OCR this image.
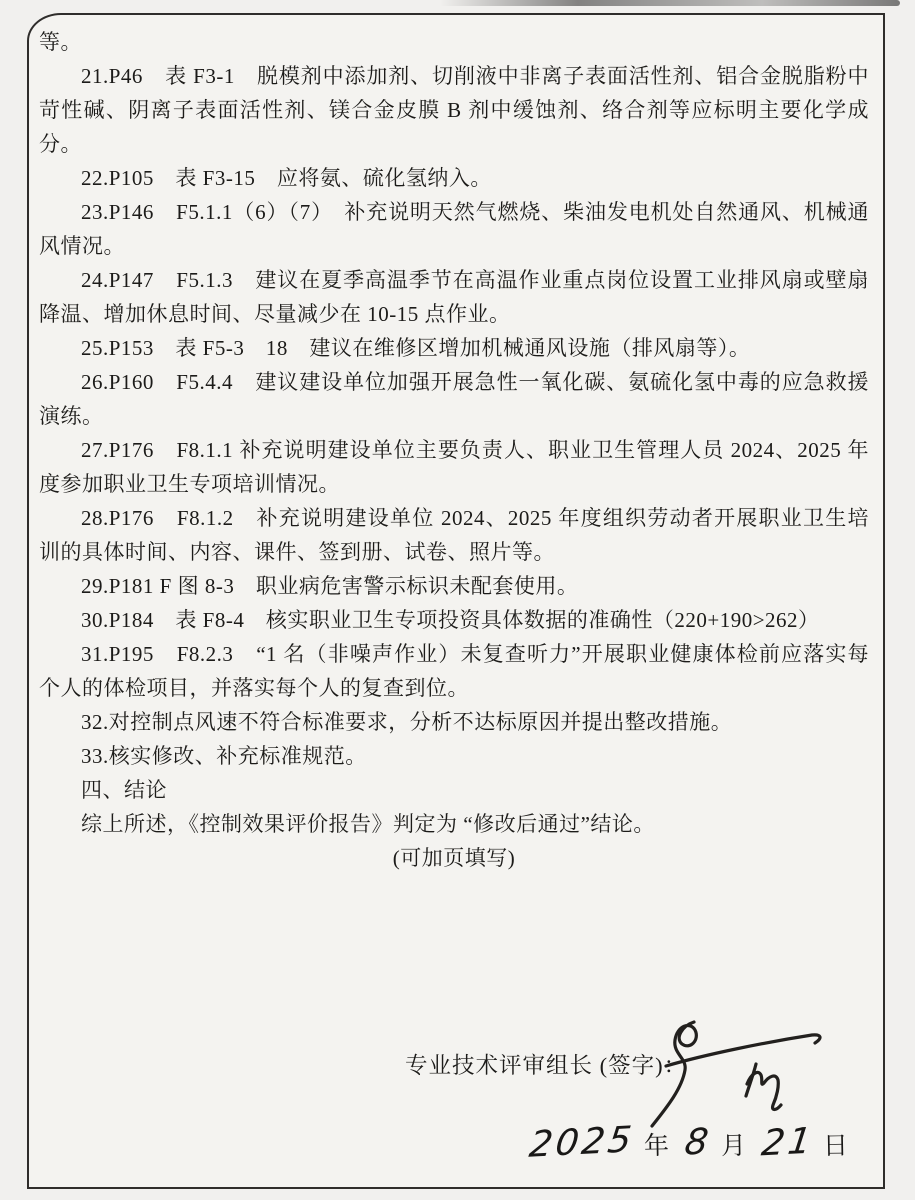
等。

21.P46　表 F3-1　脱模剂中添加剂、切削液中非离子表面活性剂、铝合金脱脂粉中苛性碱、阴离子表面活性剂、镁合金皮膜 B 剂中缓蚀剂、络合剂等应标明主要化学成分。

22.P105　表 F3-15　应将氨、硫化氢纳入。

23.P146　F5.1.1（6）（7）　补充说明天然气燃烧、柴油发电机处自然通风、机械通风情况。

24.P147　F5.1.3　建议在夏季高温季节在高温作业重点岗位设置工业排风扇或壁扇降温、增加休息时间、尽量减少在 10-15 点作业。

25.P153　表 F5-3　18　建议在维修区增加机械通风设施（排风扇等）。

26.P160　F5.4.4　建议建设单位加强开展急性一氧化碳、氨硫化氢中毒的应急救援演练。

27.P176　F8.1.1 补充说明建设单位主要负责人、职业卫生管理人员 2024、2025 年度参加职业卫生专项培训情况。

28.P176　F8.1.2　补充说明建设单位 2024、2025 年度组织劳动者开展职业卫生培训的具体时间、内容、课件、签到册、试卷、照片等。

29.P181 F 图 8-3　职业病危害警示标识未配套使用。

30.P184　表 F8-4　核实职业卫生专项投资具体数据的准确性（220+190>262）

31.P195　F8.2.3　“1 名（非噪声作业）未复查听力”开展职业健康体检前应落实每个人的体检项目，并落实每个人的复查到位。

32.对控制点风速不符合标准要求，分析不达标原因并提出整改措施。

33.核实修改、补充标准规范。

四、结论

综上所述，《控制效果评价报告》判定为 “修改后通过”结论。

(可加页填写)

专业技术评审组长 (签字)：
2025 年 8 月 21 日
